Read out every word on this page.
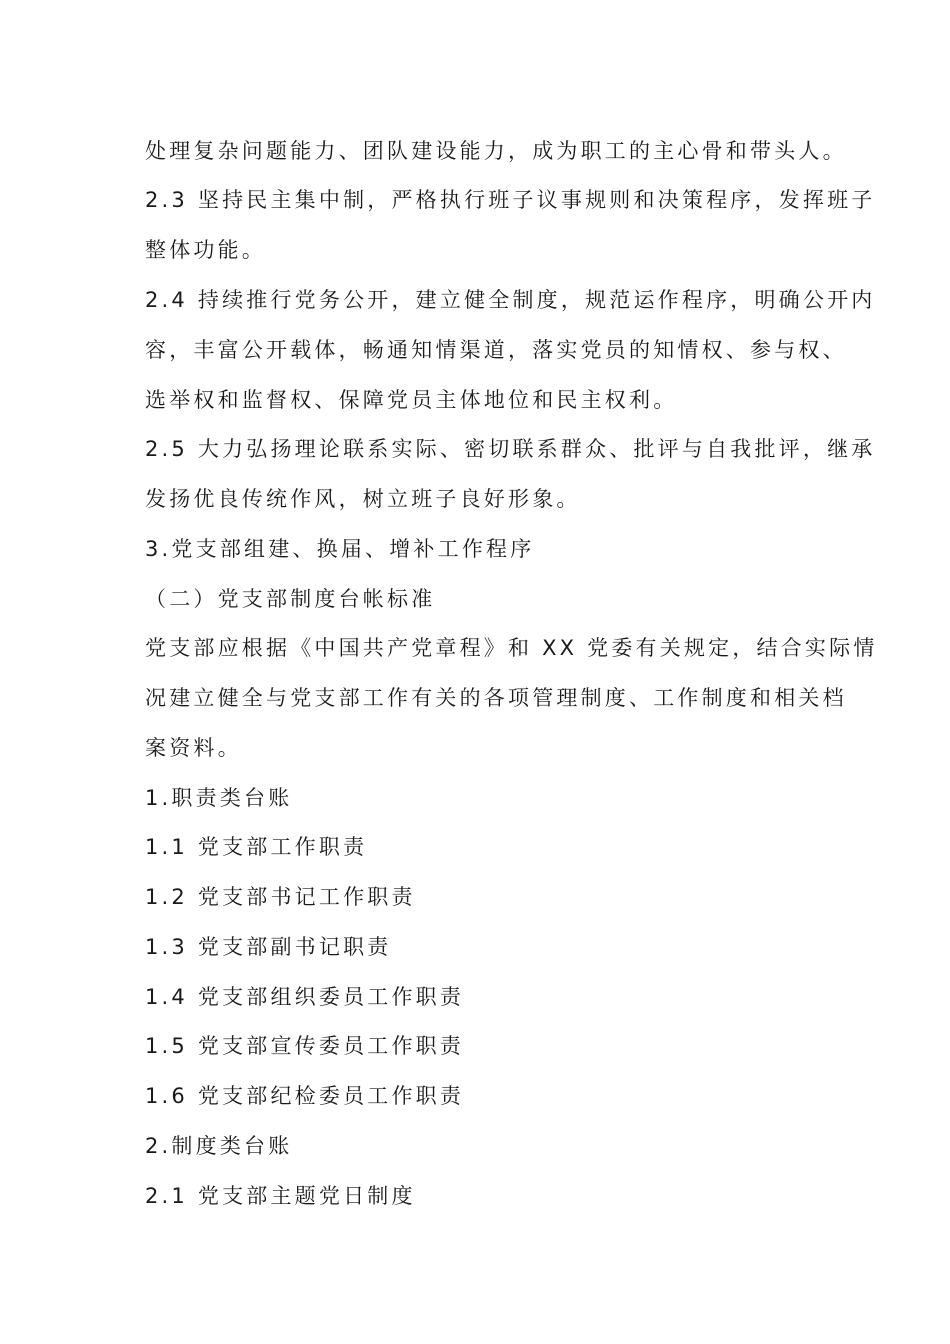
处理复杂问题能力、团队建设能力，成为职工的主心骨和带头人。

2.3 坚持民主集中制，严格执行班子议事规则和决策程序，发挥班子

整体功能。

2.4 持续推行党务公开，建立健全制度，规范运作程序，明确公开内

容，丰富公开载体，畅通知情渠道，落实党员的知情权、参与权、

选举权和监督权、保障党员主体地位和民主权利。

2.5 大力弘扬理论联系实际、密切联系群众、批评与自我批评，继承

发扬优良传统作风，树立班子良好形象。

3.党支部组建、换届、增补工作程序

（二）党支部制度台帐标准

党支部应根据《中国共产党章程》和 XX 党委有关规定，结合实际情

况建立健全与党支部工作有关的各项管理制度、工作制度和相关档

案资料。

1.职责类台账

1.1 党支部工作职责

1.2 党支部书记工作职责

1.3 党支部副书记职责

1.4 党支部组织委员工作职责

1.5 党支部宣传委员工作职责

1.6 党支部纪检委员工作职责

2.制度类台账

2.1 党支部主题党日制度
